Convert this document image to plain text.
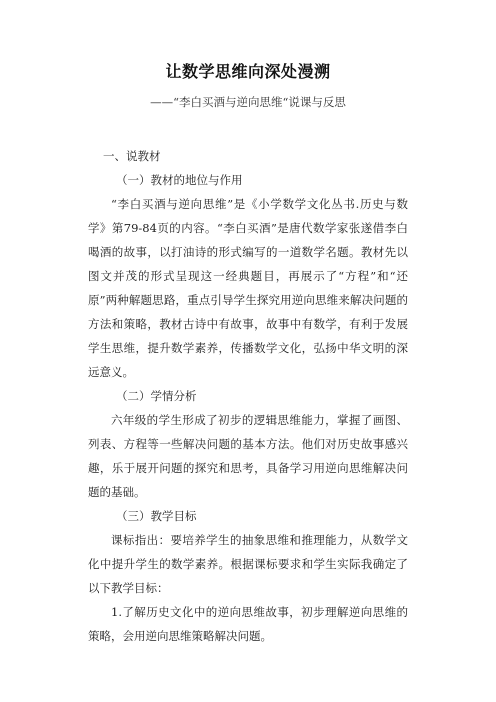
让数学思维向深处漫溯
——“李白买酒与逆向思维“说课与反思
一、说教材
（一）教材的地位与作用

“李白买酒与逆向思维”是《小学数学文化丛书.历史与数学》第79-84页的内容。“李白买酒”是唐代数学家张遂借李白喝酒的故事，以打油诗的形式编写的一道数学名题。教材先以图文并茂的形式呈现这一经典题目，再展示了“方程”和“还原”两种解题思路，重点引导学生探究用逆向思维来解决问题的方法和策略，教材古诗中有故事，故事中有数学，有利于发展学生思维，提升数学素养，传播数学文化，弘扬中华文明的深远意义。

（二）学情分析

六年级的学生形成了初步的逻辑思维能力，掌握了画图、列表、方程等一些解决问题的基本方法。他们对历史故事感兴趣，乐于展开问题的探究和思考，具备学习用逆向思维解决问题的基础。

（三）教学目标

课标指出：要培养学生的抽象思维和推理能力，从数学文化中提升学生的数学素养。根据课标要求和学生实际我确定了以下教学目标：

1.了解历史文化中的逆向思维故事，初步理解逆向思维的策略，会用逆向思维策略解决问题。
